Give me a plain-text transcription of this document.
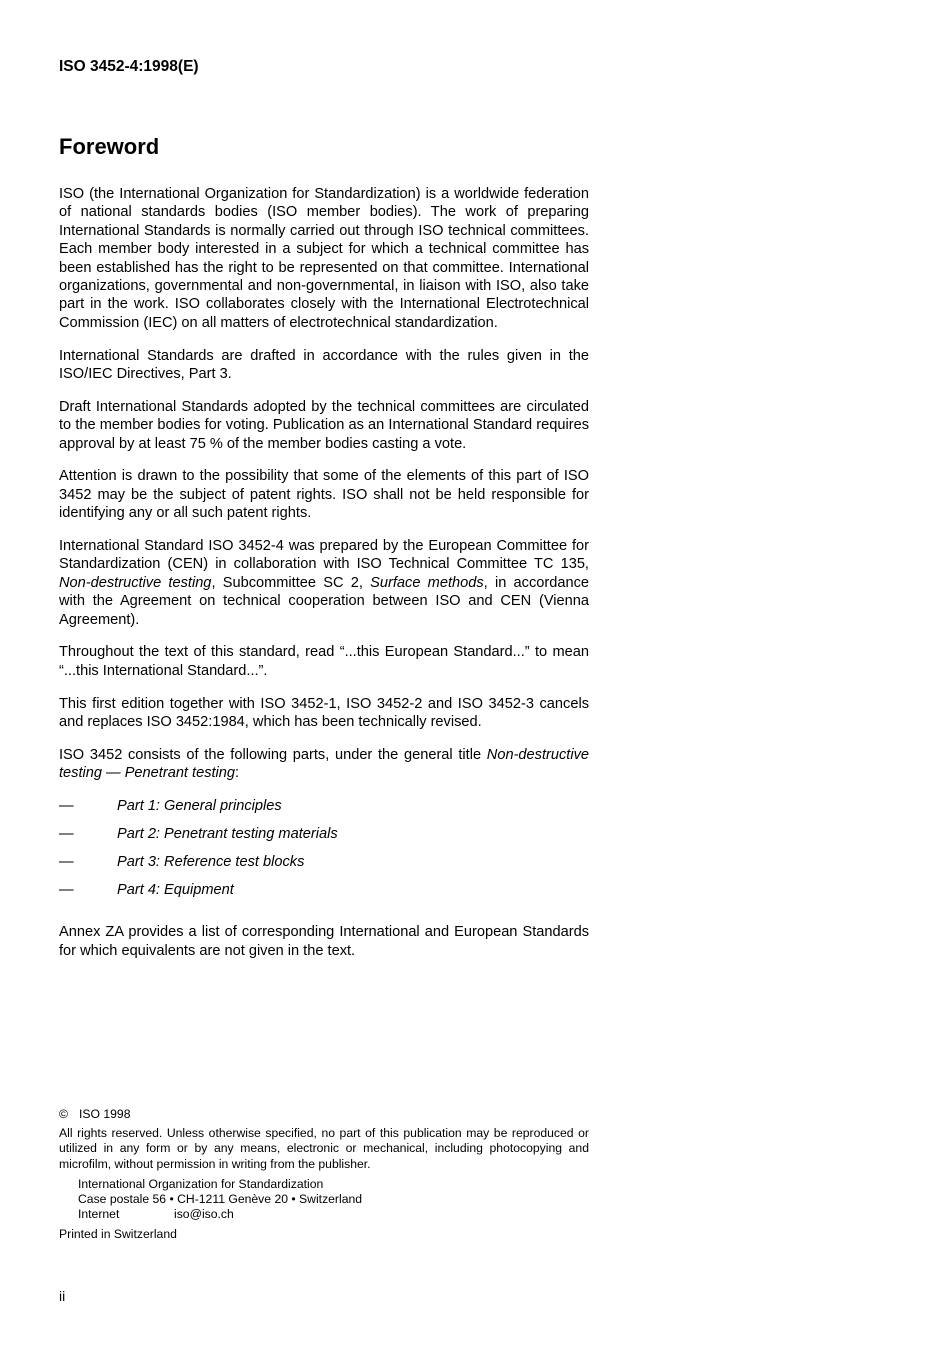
ISO 3452-4:1998(E)
Foreword

ISO (the International Organization for Standardization) is a worldwide federation of national standards bodies (ISO member bodies). The work of preparing International Standards is normally carried out through ISO technical committees. Each member body interested in a subject for which a technical committee has been established has the right to be represented on that committee. International organizations, governmental and non-governmental, in liaison with ISO, also take part in the work. ISO collaborates closely with the International Electrotechnical Commission (IEC) on all matters of electrotechnical standardization.

International Standards are drafted in accordance with the rules given in the ISO/IEC Directives, Part 3.

Draft International Standards adopted by the technical committees are circulated to the member bodies for voting. Publication as an International Standard requires approval by at least 75 % of the member bodies casting a vote.

Attention is drawn to the possibility that some of the elements of this part of ISO 3452 may be the subject of patent rights. ISO shall not be held responsible for identifying any or all such patent rights.

International Standard ISO 3452-4 was prepared by the European Committee for Standardization (CEN) in collaboration with ISO Technical Committee TC 135, Non-destructive testing, Subcommittee SC 2, Surface methods, in accordance with the Agreement on technical cooperation between ISO and CEN (Vienna Agreement).

Throughout the text of this standard, read “...this European Standard...” to mean “...this International Standard...”.

This first edition together with ISO 3452-1, ISO 3452-2 and ISO 3452-3 cancels and replaces ISO 3452:1984, which has been technically revised.

ISO 3452 consists of the following parts, under the general title Non-destructive testing — Penetrant testing:

—	Part 1: General principles
—	Part 2: Penetrant testing materials
—	Part 3: Reference test blocks
—	Part 4: Equipment

Annex ZA provides a list of corresponding International and European Standards for which equivalents are not given in the text.

© ISO 1998
All rights reserved. Unless otherwise specified, no part of this publication may be reproduced or utilized in any form or by any means, electronic or mechanical, including photocopying and microfilm, without permission in writing from the publisher.
International Organization for Standardization
Case postale 56 • CH-1211 Genève 20 • Switzerland
Internet	iso@iso.ch
Printed in Switzerland
ii
